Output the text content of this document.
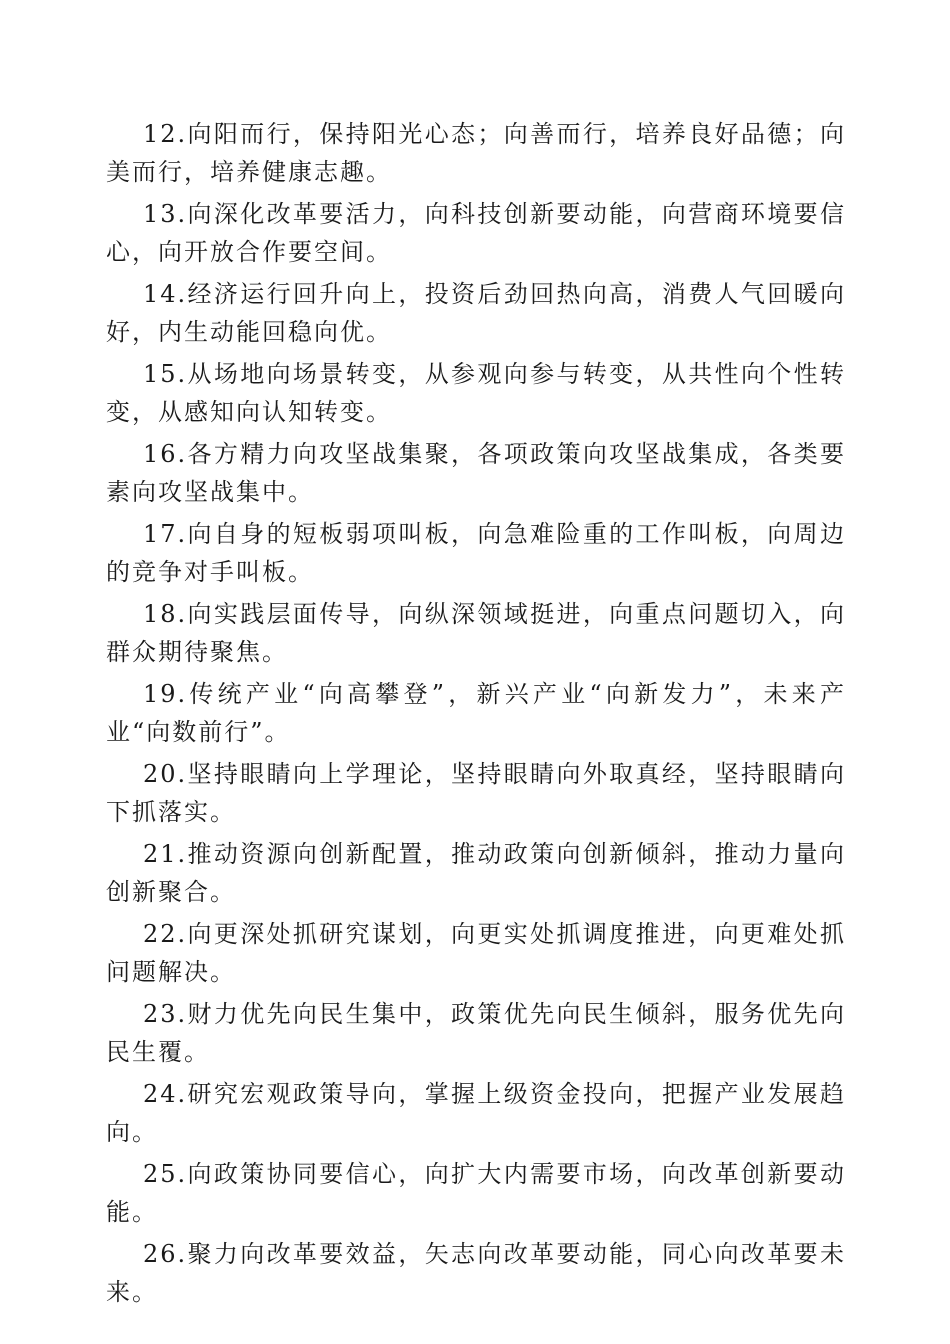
12.向阳而行，保持阳光心态；向善而行，培养良好品德；向美而行，培养健康志趣。

13.向深化改革要活力，向科技创新要动能，向营商环境要信心，向开放合作要空间。

14.经济运行回升向上，投资后劲回热向高，消费人气回暖向好，内生动能回稳向优。

15.从场地向场景转变，从参观向参与转变，从共性向个性转变，从感知向认知转变。

16.各方精力向攻坚战集聚，各项政策向攻坚战集成，各类要素向攻坚战集中。

17.向自身的短板弱项叫板，向急难险重的工作叫板，向周边的竞争对手叫板。

18.向实践层面传导，向纵深领域挺进，向重点问题切入，向群众期待聚焦。

19.传统产业“向高攀登”，新兴产业“向新发力”，未来产业“向数前行”。

20.坚持眼睛向上学理论，坚持眼睛向外取真经，坚持眼睛向下抓落实。

21.推动资源向创新配置，推动政策向创新倾斜，推动力量向创新聚合。

22.向更深处抓研究谋划，向更实处抓调度推进，向更难处抓问题解决。

23.财力优先向民生集中，政策优先向民生倾斜，服务优先向民生覆。

24.研究宏观政策导向，掌握上级资金投向，把握产业发展趋向。

25.向政策协同要信心，向扩大内需要市场，向改革创新要动能。

26.聚力向改革要效益，矢志向改革要动能，同心向改革要未来。
